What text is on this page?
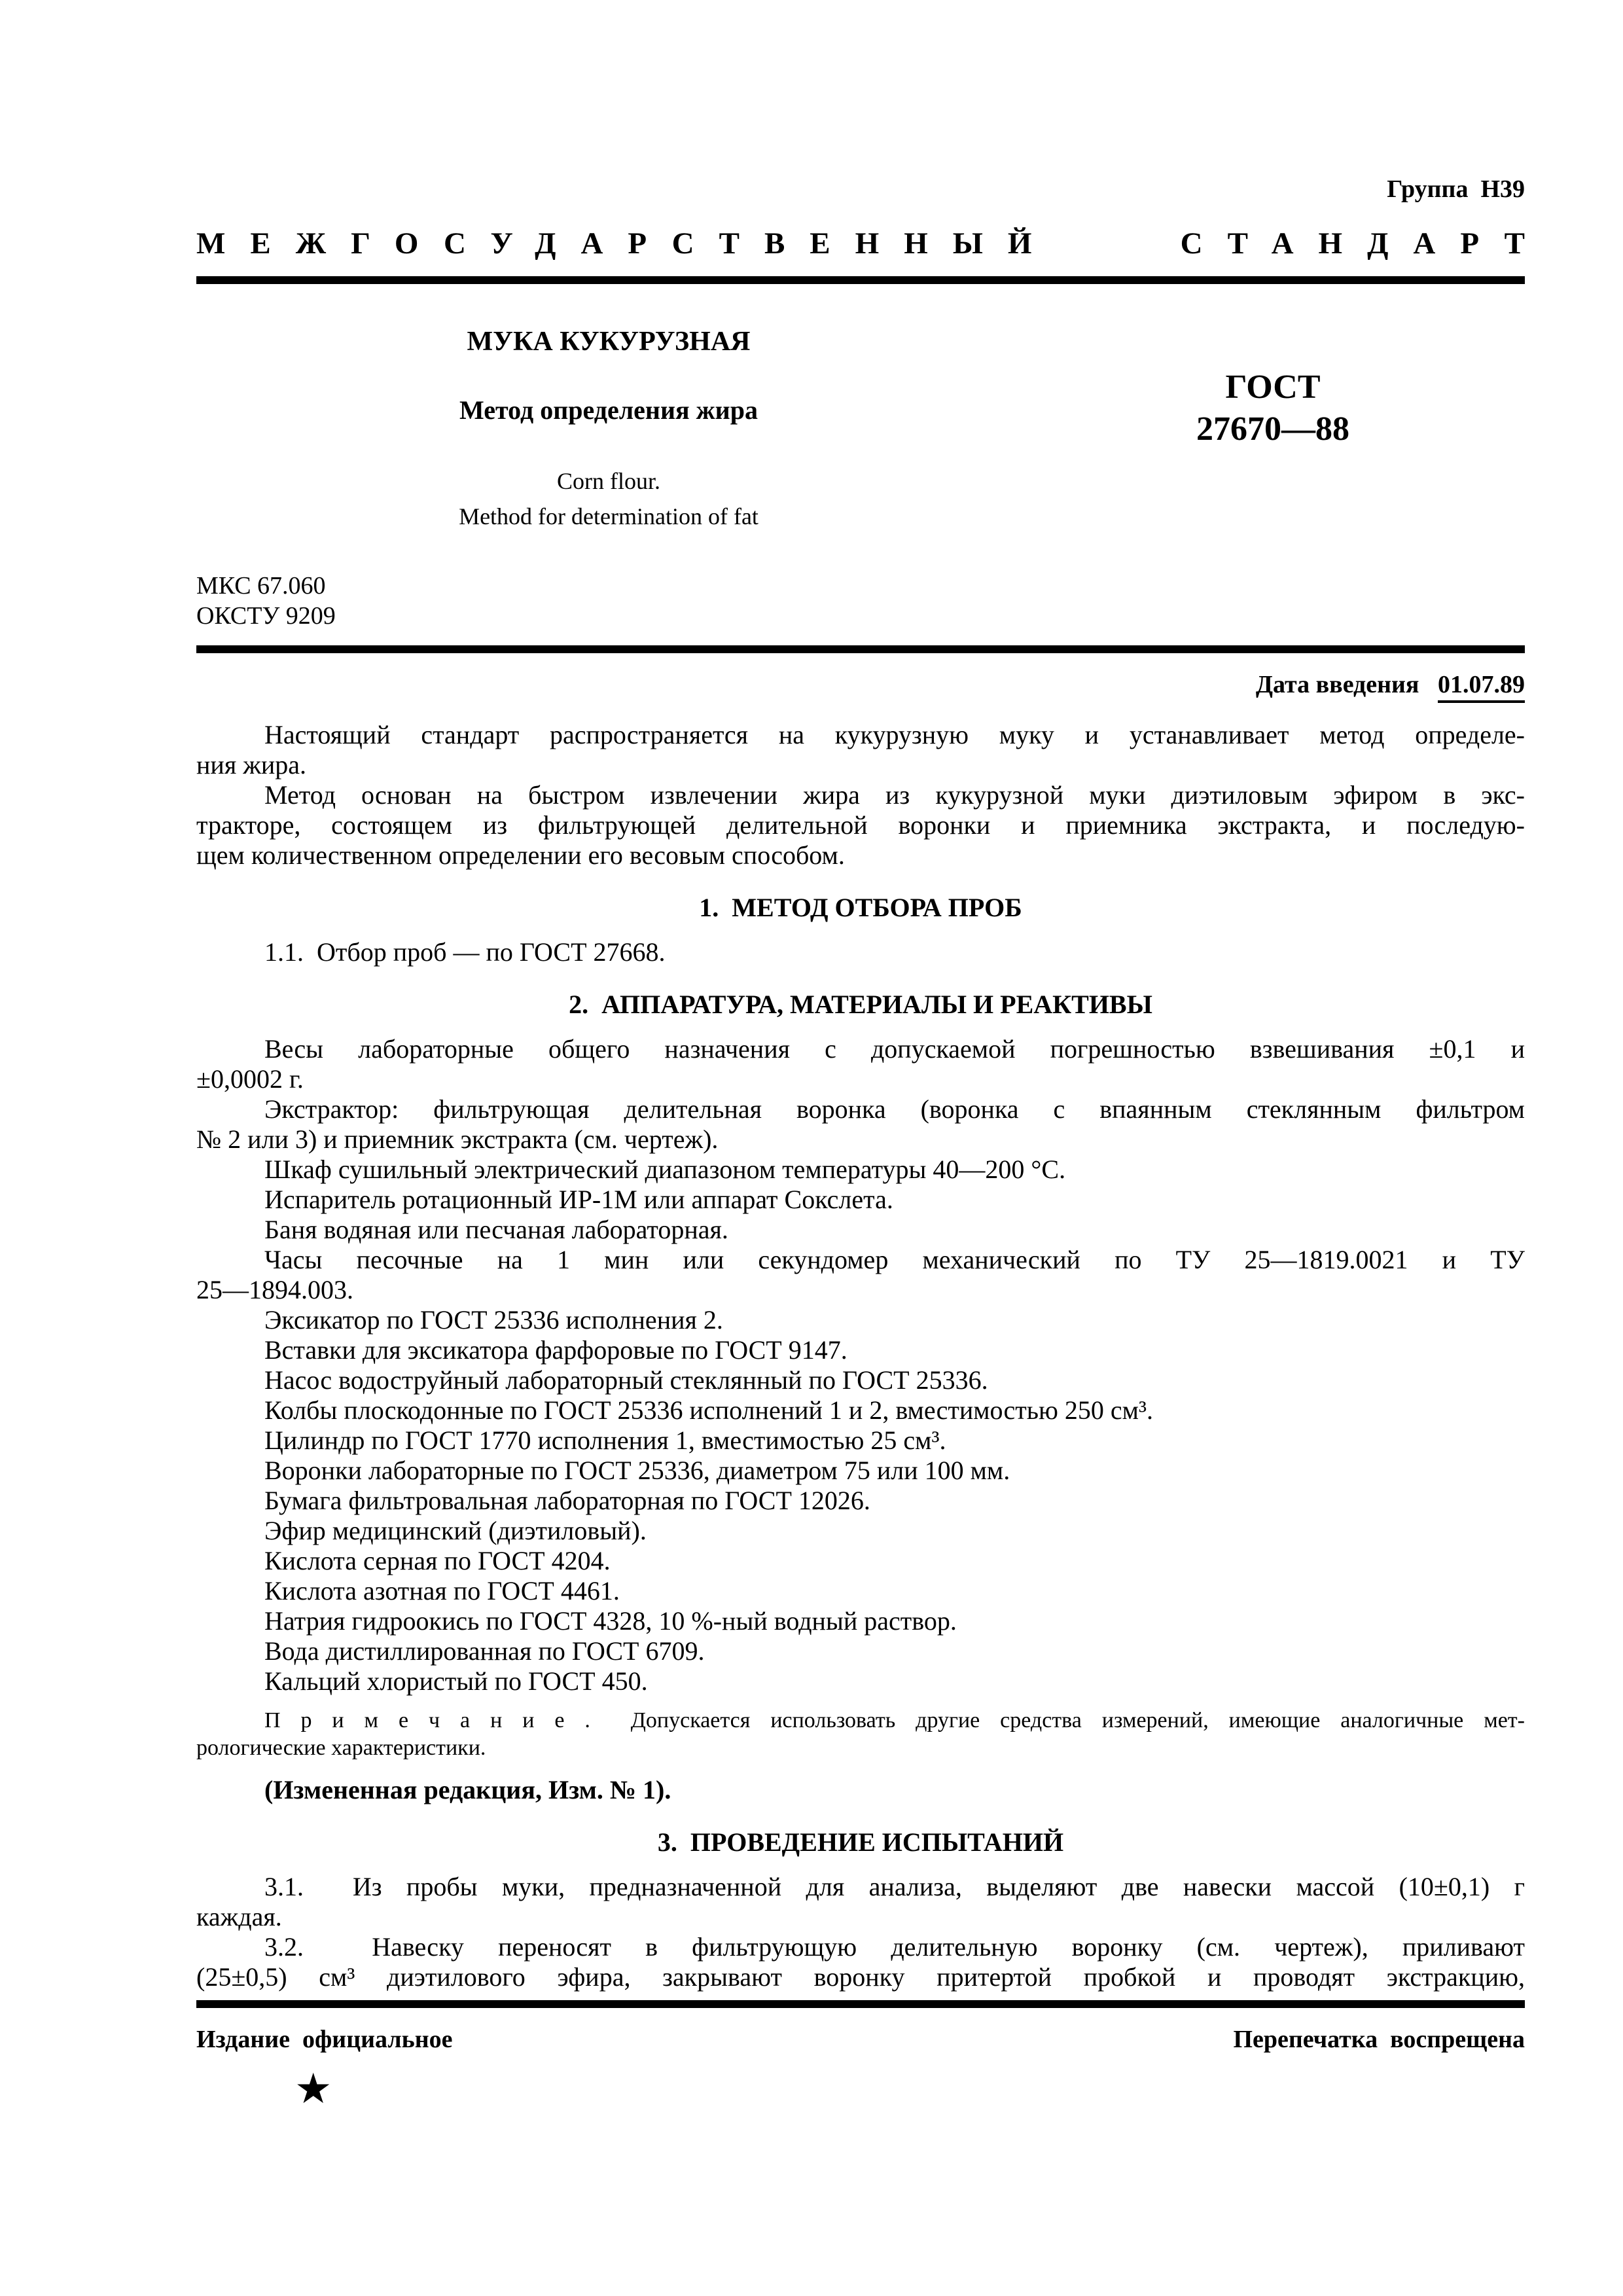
Группа  Н39
МЕЖГОСУДАРСТВЕННЫЙ	СТАНДАРТ
МУКА КУКУРУЗНАЯ
Метод определения жира
Corn flour.
Method for determination of fat
ГОСТ
27670—88
МКС 67.060
ОКСТУ 9209
Дата введения 01.07.89
Настоящий стандарт распространяется на кукурузную муку и устанавливает метод определе-
ния жира.
Метод основан на быстром извлечении жира из кукурузной муки диэтиловым эфиром в экс-
тракторе, состоящем из фильтрующей делительной воронки и приемника экстракта, и последую-
щем количественном определении его весовым способом.
1.  МЕТОД ОТБОРА ПРОБ
1.1.  Отбор проб — по ГОСТ 27668.
2.  АППАРАТУРА, МАТЕРИАЛЫ И РЕАКТИВЫ
Весы лабораторные общего назначения с допускаемой погрешностью взвешивания ±0,1 и
±0,0002 г.
Экстрактор: фильтрующая делительная воронка (воронка с впаянным стеклянным фильтром
№ 2 или 3) и приемник экстракта (см. чертеж).
Шкаф сушильный электрический диапазоном температуры 40—200 °С.
Испаритель ротационный ИР-1М или аппарат Сокслета.
Баня водяная или песчаная лабораторная.
Часы песочные на 1 мин или секундомер механический по ТУ 25—1819.0021 и ТУ
25—1894.003.
Эксикатор по ГОСТ 25336 исполнения 2.
Вставки для эксикатора фарфоровые по ГОСТ 9147.
Насос водоструйный лабораторный стеклянный по ГОСТ 25336.
Колбы плоскодонные по ГОСТ 25336 исполнений 1 и 2, вместимостью 250 см³.
Цилиндр по ГОСТ 1770 исполнения 1, вместимостью 25 см³.
Воронки лабораторные по ГОСТ 25336, диаметром 75 или 100 мм.
Бумага фильтровальная лабораторная по ГОСТ 12026.
Эфир медицинский (диэтиловый).
Кислота серная по ГОСТ 4204.
Кислота азотная по ГОСТ 4461.
Натрия гидроокись по ГОСТ 4328, 10 %-ный водный раствор.
Вода дистиллированная по ГОСТ 6709.
Кальций хлористый по ГОСТ 450.
П р и м е ч а н и е .  Допускается использовать другие средства измерений, имеющие аналогичные мет-
рологические характеристики.
(Измененная редакция, Изм. № 1).
3.  ПРОВЕДЕНИЕ ИСПЫТАНИЙ
3.1.  Из пробы муки, предназначенной для анализа, выделяют две навески массой (10±0,1) г
каждая.
3.2.  Навеску переносят в фильтрующую делительную воронку (см. чертеж), приливают
(25±0,5) см³ диэтилового эфира, закрывают воронку притертой пробкой и проводят экстракцию,
Издание  официальное	Перепечатка  воспрещена
★
